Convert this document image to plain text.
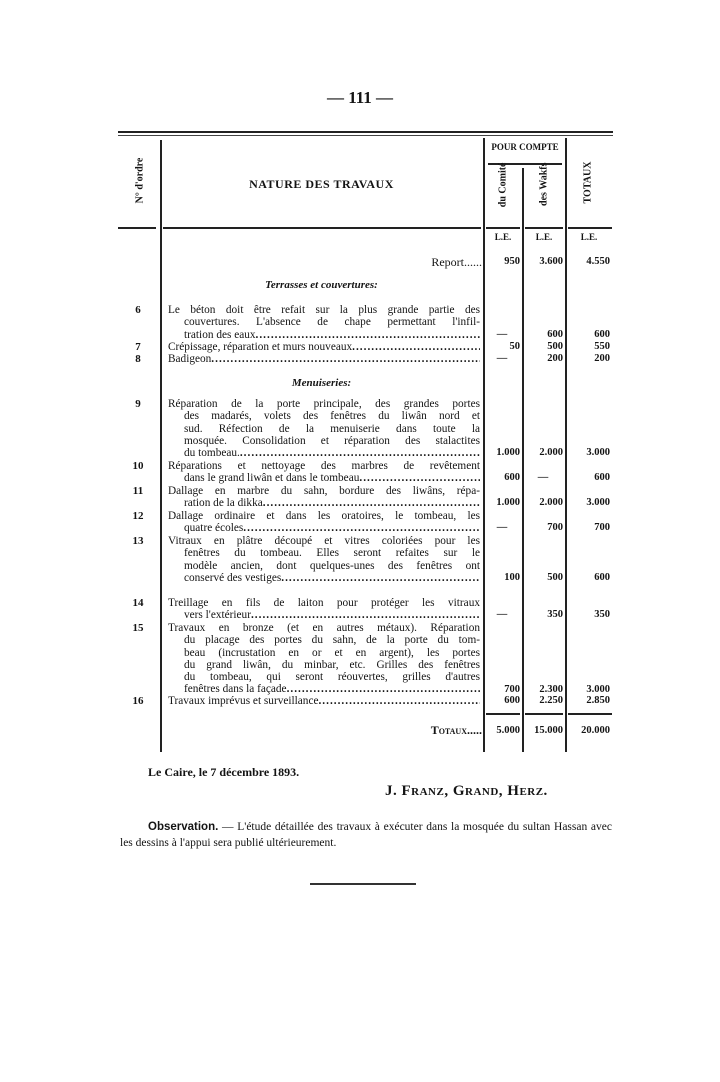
— 111 —
N° d'ordre	NATURE DES TRAVAUX
POUR COMPTE
du Comité	des Wakfs	TOTAUX
L.E.	L.E.	L.E.
Report......	950	3.600	4.550
Terrasses et couvertures:
Menuiseries:
6	Le béton doit être refait sur la plus grande partie des
couvertures. L'absence de chape permettant l'infil-
tration des eaux .....	—	600	600
7	Crépissage, réparation et murs nouveaux .....	50	500	550
8	Badigeon .....	—	200	200
9	Réparation de la porte principale, des grandes portes
des madarés, volets des fenêtres du liwân nord et
sud. Réfection de la menuiserie dans toute la
mosquée. Consolidation et réparation des stalactites
du tombeau. .....	1.000	2.000	3.000
10	Réparations et nettoyage des marbres de revêtement
dans le grand liwân et dans le tombeau .....	600	—	600
11	Dallage en marbre du sahn, bordure des liwâns, répa-
ration de la dikka .....	1.000	2.000	3.000
12	Dallage ordinaire et dans les oratoires, le tombeau, les
quatre écoles .....	—	700	700
13	Vitraux en plâtre découpé et vitres coloriées pour les
fenêtres du tombeau. Elles seront refaites sur le
modèle ancien, dont quelques-unes des fenêtres ont
conservé des vestiges .....	100	500	600
14	Treillage en fils de laiton pour protéger les vitraux
vers l'extérieur .....	—	350	350
15	Travaux en bronze (et en autres métaux). Réparation
du placage des portes du sahn, de la porte du tom-
beau (incrustation en or et en argent), les portes
du grand liwân, du minbar, etc. Grilles des fenêtres
du tombeau, qui seront réouvertes, grilles d'autres
fenêtres dans la façade .....	700	2.300	3.000
16	Travaux imprévus et surveillance .....	600	2.250	2.850
Totaux.....	5.000	15.000	20.000
Le Caire, le 7 décembre 1893.
J. Franz, Grand, Herz.
Observation. — L'étude détaillée des travaux à exécuter dans la mosquée du sultan Hassan avec les dessins à l'appui sera publié ultérieurement.
